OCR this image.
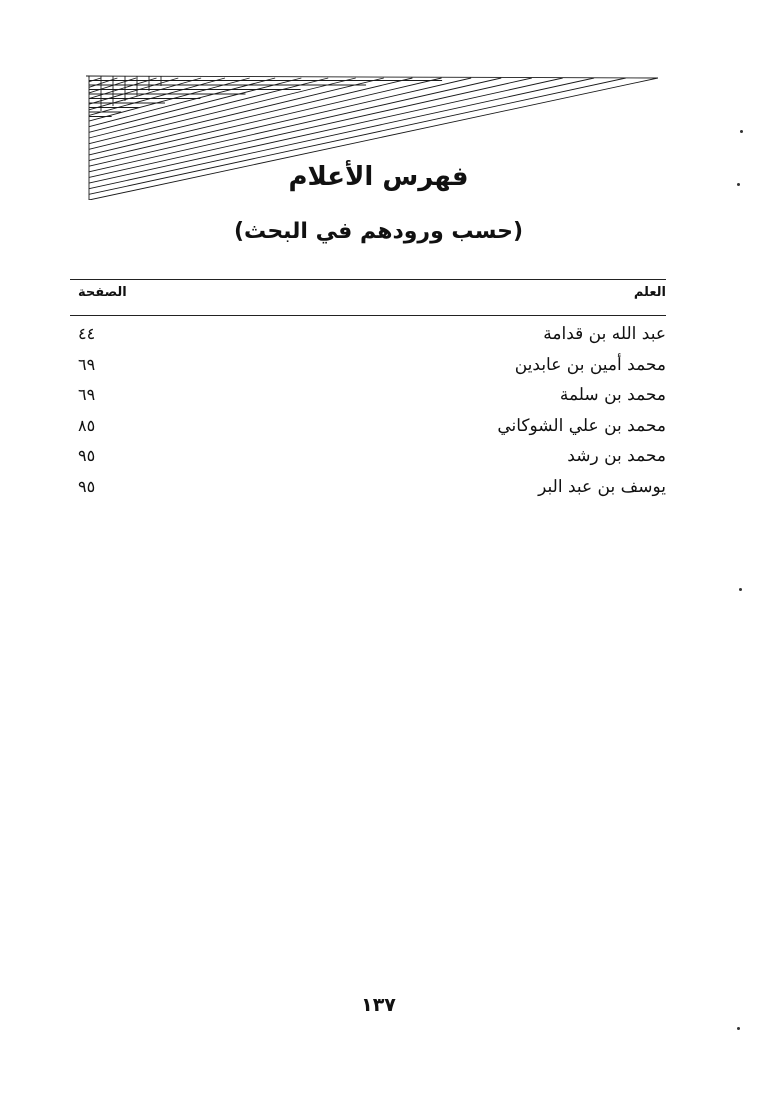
فهرس الأعلام
(حسب ورودهم في البحث)
العلم
الصفحة
عبد الله بن قدامة
٤٤
محمد أمين بن عابدين
٦٩
محمد بن سلمة
٦٩
محمد بن علي الشوكاني
٨٥
محمد بن رشد
٩٥
يوسف بن عبد البر
٩٥
١٣٧
